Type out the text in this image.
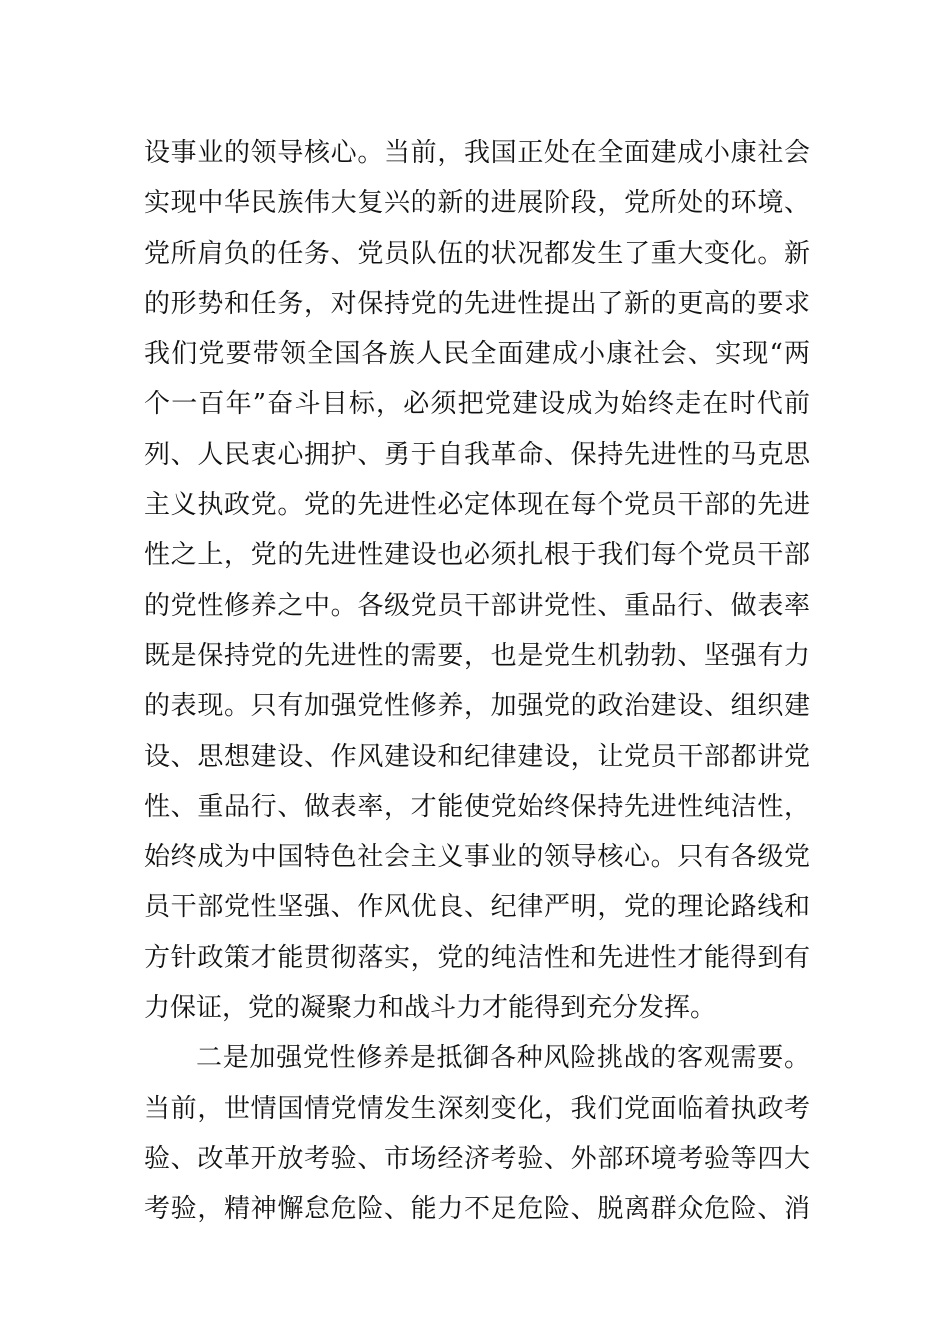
设事业的领导核心。当前，我国正处在全面建成小康社会
实现中华民族伟大复兴的新的进展阶段，党所处的环境、
党所肩负的任务、党员队伍的状况都发生了重大变化。新
的形势和任务，对保持党的先进性提出了新的更高的要求
我们党要带领全国各族人民全面建成小康社会、实现“两
个一百年”奋斗目标，必须把党建设成为始终走在时代前
列、人民衷心拥护、勇于自我革命、保持先进性的马克思
主义执政党。党的先进性必定体现在每个党员干部的先进
性之上，党的先进性建设也必须扎根于我们每个党员干部
的党性修养之中。各级党员干部讲党性、重品行、做表率
既是保持党的先进性的需要，也是党生机勃勃、坚强有力
的表现。只有加强党性修养，加强党的政治建设、组织建
设、思想建设、作风建设和纪律建设，让党员干部都讲党
性、重品行、做表率，才能使党始终保持先进性纯洁性，
始终成为中国特色社会主义事业的领导核心。只有各级党
员干部党性坚强、作风优良、纪律严明，党的理论路线和
方针政策才能贯彻落实，党的纯洁性和先进性才能得到有
力保证，党的凝聚力和战斗力才能得到充分发挥。
二是加强党性修养是抵御各种风险挑战的客观需要。
当前，世情国情党情发生深刻变化，我们党面临着执政考
验、改革开放考验、市场经济考验、外部环境考验等四大
考验，精神懈怠危险、能力不足危险、脱离群众危险、消
